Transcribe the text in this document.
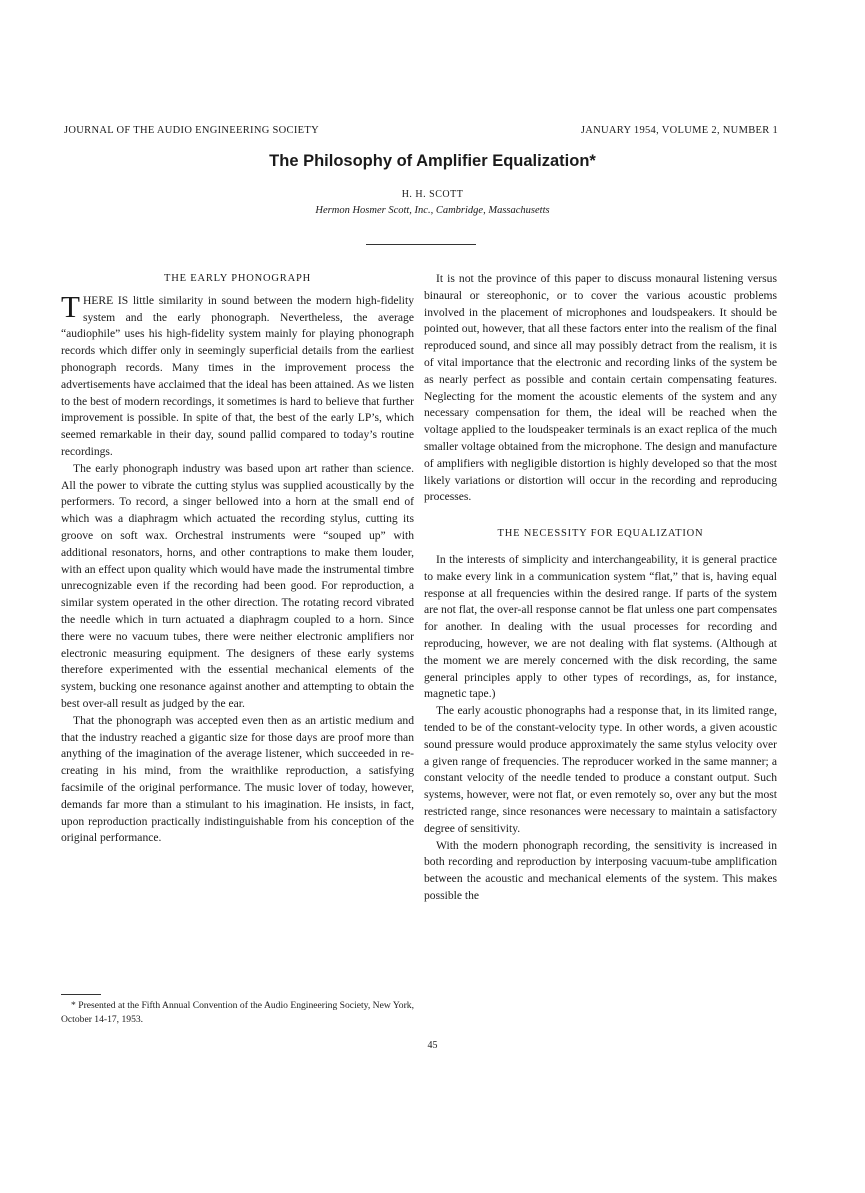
JOURNAL OF THE AUDIO ENGINEERING SOCIETY	JANUARY 1954, VOLUME 2, NUMBER 1
The Philosophy of Amplifier Equalization*
H. H. SCOTT
Hermon Hosmer Scott, Inc., Cambridge, Massachusetts
THE EARLY PHONOGRAPH

THERE IS little similarity in sound between the modern high-fidelity system and the early phonograph. Nevertheless, the average “audiophile” uses his high-fidelity system mainly for playing phonograph records which differ only in seemingly superficial details from the earliest phonograph records. Many times in the improvement process the advertisements have acclaimed that the ideal has been attained. As we listen to the best of modern recordings, it sometimes is hard to believe that further improvement is possible. In spite of that, the best of the early LP’s, which seemed remarkable in their day, sound pallid compared to today’s routine recordings.

The early phonograph industry was based upon art rather than science. All the power to vibrate the cutting stylus was supplied acoustically by the performers. To record, a singer bellowed into a horn at the small end of which was a diaphragm which actuated the recording stylus, cutting its groove on soft wax. Orchestral instruments were “souped up” with additional resonators, horns, and other contraptions to make them louder, with an effect upon quality which would have made the instrumental timbre unrecognizable even if the recording had been good. For reproduction, a similar system operated in the other direction. The rotating record vibrated the needle which in turn actuated a diaphragm coupled to a horn. Since there were no vacuum tubes, there were neither electronic amplifiers nor electronic measuring equipment. The designers of these early systems therefore experimented with the essential mechanical elements of the system, bucking one resonance against another and attempting to obtain the best over-all result as judged by the ear.

That the phonograph was accepted even then as an artistic medium and that the industry reached a gigantic size for those days are proof more than anything of the imagination of the average listener, which succeeded in re-creating in his mind, from the wraithlike reproduction, a satisfying facsimile of the original performance. The music lover of today, however, demands far more than a stimulant to his imagination. He insists, in fact, upon reproduction practically indistinguishable from his conception of the original performance.

It is not the province of this paper to discuss monaural listening versus binaural or stereophonic, or to cover the various acoustic problems involved in the placement of microphones and loudspeakers. It should be pointed out, however, that all these factors enter into the realism of the final reproduced sound, and since all may possibly detract from the realism, it is of vital importance that the electronic and recording links of the system be as nearly perfect as possible and contain certain compensating features. Neglecting for the moment the acoustic elements of the system and any necessary compensation for them, the ideal will be reached when the voltage applied to the loudspeaker terminals is an exact replica of the much smaller voltage obtained from the microphone. The design and manufacture of amplifiers with negligible distortion is highly developed so that the most likely variations or distortion will occur in the recording and reproducing processes.

THE NECESSITY FOR EQUALIZATION

In the interests of simplicity and interchangeability, it is general practice to make every link in a communication system “flat,” that is, having equal response at all frequencies within the desired range. If parts of the system are not flat, the over-all response cannot be flat unless one part compensates for another. In dealing with the usual processes for recording and reproducing, however, we are not dealing with flat systems. (Although at the moment we are merely concerned with the disk recording, the same general principles apply to other types of recordings, as, for instance, magnetic tape.)

The early acoustic phonographs had a response that, in its limited range, tended to be of the constant-velocity type. In other words, a given acoustic sound pressure would produce approximately the same stylus velocity over a given range of frequencies. The reproducer worked in the same manner; a constant velocity of the needle tended to produce a constant output. Such systems, however, were not flat, or even remotely so, over any but the most restricted range, since resonances were necessary to maintain a satisfactory degree of sensitivity.

With the modern phonograph recording, the sensitivity is increased in both recording and reproduction by interposing vacuum-tube amplification between the acoustic and mechanical elements of the system. This makes possible the

* Presented at the Fifth Annual Convention of the Audio Engineering Society, New York, October 14-17, 1953.

45
